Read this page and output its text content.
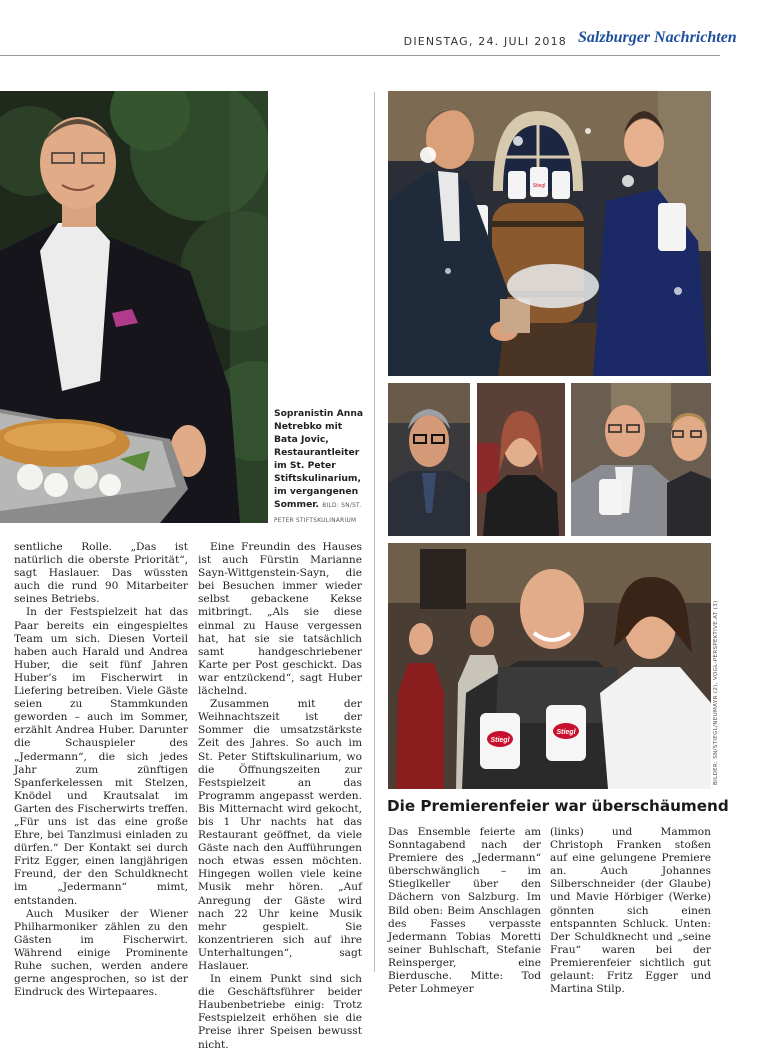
DIENSTAG, 24. JULI 2018 Salzburger Nachrichten
Sopranistin Anna Netrebko mit Bata Jovic, Restaurantleiter im St. Peter Stiftskulinarium, im vergangenen Sommer. BILD: SN/ST. PETER STIFTSKULINARIUM

sentliche Rolle. „Das ist natürlich die oberste Priorität“, sagt Haslauer. Das wüssten auch die rund 90 Mitarbeiter seines Betriebs.

In der Festspielzeit hat das Paar bereits ein eingespieltes Team um sich. Diesen Vorteil haben auch Harald und Andrea Huber, die seit fünf Jahren Huber’s im Fischerwirt in Liefering betreiben. Viele Gäste seien zu Stammkunden geworden – auch im Sommer, erzählt Andrea Huber. Darunter die Schauspieler des „Jedermann“, die sich jedes Jahr zum zünftigen Spanferkelessen mit Stelzen, Knödel und Krautsalat im Garten des Fischerwirts treffen. „Für uns ist das eine große Ehre, bei Tanzlmusi einladen zu dürfen.“ Der Kontakt sei durch Fritz Egger, einen langjährigen Freund, der den Schuldknecht im „Jedermann“ mimt, entstanden.

Auch Musiker der Wiener Philharmoniker zählen zu den Gästen im Fischerwirt. Während einige Prominente Ruhe suchen, werden andere gerne angesprochen, so ist der Eindruck des Wirtepaares.

Eine Freundin des Hauses ist auch Fürstin Marianne Sayn-Wittgenstein-Sayn, die bei Besuchen immer wieder selbst gebackene Kekse mitbringt. „Als sie diese einmal zu Hause vergessen hat, hat sie sie tatsächlich samt handgeschriebener Karte per Post geschickt. Das war entzückend“, sagt Huber lächelnd.

Zusammen mit der Weihnachtszeit ist der Sommer die umsatzstärkste Zeit des Jahres. So auch im St. Peter Stiftskulinarium, wo die Öffnungszeiten zur Festspielzeit an das Programm angepasst werden. Bis Mitternacht wird gekocht, bis 1 Uhr nachts hat das Restaurant geöffnet, da viele Gäste nach den Aufführungen noch etwas essen möchten. Hingegen wollen viele keine Musik mehr hören. „Auf Anregung der Gäste wird nach 22 Uhr keine Musik mehr gespielt. Sie konzentrieren sich auf ihre Unterhaltungen“, sagt Haslauer.

In einem Punkt sind sich die Geschäftsführer beider Haubenbetriebe einig: Trotz Festspielzeit erhöhen sie die Preise ihrer Speisen bewusst nicht.

Stiegl
Stiegl
Stiegl	BILDER: SN/STIEGL/NEUMAYR (2), VOGL-PERSPEKTIVE.AT (3)
Die Premierenfeier war überschäumend

Das Ensemble feierte am Sonntagabend nach der Premiere des „Jedermann“ überschwänglich – im Stieglkeller über den Dächern von Salzburg. Im Bild oben: Beim Anschlagen des Fasses verpasste Jedermann Tobias Moretti seiner Buhlschaft, Stefanie Reinsperger, eine Bierdusche. Mitte: Tod Peter Lohmeyer

(links) und Mammon Christoph Franken stoßen auf eine gelungene Premiere an. Auch Johannes Silberschneider (der Glaube) und Mavie Hörbiger (Werke) gönnten sich einen entspannten Schluck. Unten: Der Schuldknecht und „seine Frau“ waren bei der Premierenfeier sichtlich gut gelaunt: Fritz Egger und Martina Stilp.
